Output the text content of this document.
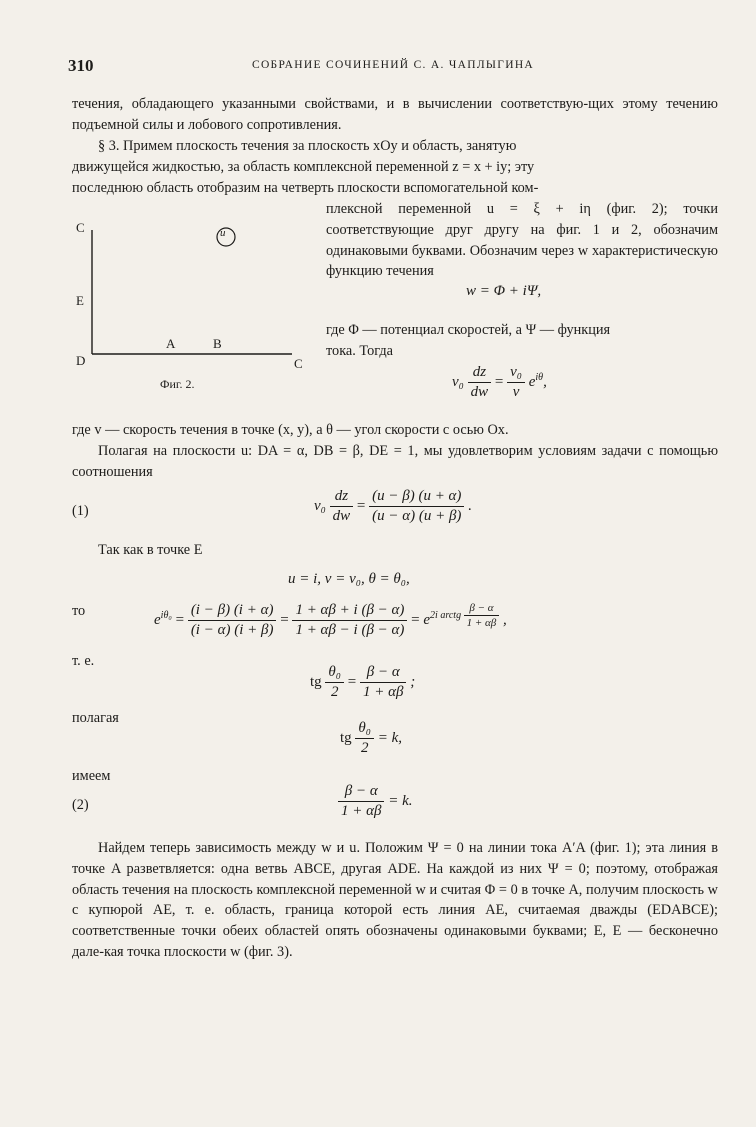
310	СОБРАНИЕ СОЧИНЕНИЙ С. А. ЧАПЛЫГИНА
течения, обладающего указанными свойствами, и в вычислении соответствую-щих этому течению подъемной силы и лобового сопротивления.
§ 3. Примем плоскость течения за плоскость xOy и область, занятую
движущейся жидкостью, за область комплексной переменной z = x + iy; эту
последнюю область отобразим на четверть плоскости вспомогательной ком-
плексной переменной u = ξ + iη (фиг. 2); точки соответствующие друг другу на фиг. 1 и 2, обозначим одинаковыми буквами. Обозначим через w характеристическую функцию течения
w = Φ + iΨ,
где Φ — потенциал скоростей, а Ψ — функция
тока. Тогда
$v_0 \frac{dz}{dw} = \frac{\text{v₀}}{v} e^{i\theta}$,
u
C
E
D
A	B
C
Фиг. 2.
где v — скорость течения в точке (x, y), а θ — угол скорости с осью Ox.
Полагая на плоскости u: DA = α, DB = β, DE = 1, мы удовлетворим условиям задачи с помощью соотношения
(1)	$v_0 \frac{dz}{dw} = \frac{(u - \beta) (u + \alpha)}{(u - \alpha) (u + \beta)}$ .
Так как в точке E
u = i, v = v₀, θ = θ₀,
то
$e^{i\theta_0} = \frac{(i - \beta) (i + \alpha)}{(i - \alpha) (i + \beta)} = \frac{1 + \alpha\beta + i (\beta - \alpha)}{1 + \alpha\beta - i (\beta - \alpha)} = e^{2i arctg \frac{\beta - \alpha}{1 + \alpha\beta}}$ ,
т. е.
tg $\frac{\text{θ₀}}{2} = \frac{\beta - \alpha}{1 + \alpha\beta}$ ;
полагая
tg $\frac{\text{θ₀}}{2} = k$,
имеем
(2)	$\frac{\beta - \alpha}{1 + \alpha\beta} = k$.
Найдем теперь зависимость между w и u. Положим Ψ = 0 на линии тока A′A (фиг. 1); эта линия в точке A разветвляется: одна ветвь ABCE, другая ADE. На каждой из них Ψ = 0; поэтому, отображая область течения на плоскость комплексной переменной w и считая Φ = 0 в точке A, получим плоскость w с купюрой AE, т. е. область, граница которой есть линия AE, считаемая дважды (EDABCE); соответственные точки обеих областей опять обозначены одинаковыми буквами; E, E — бесконечно дале-кая точка плоскости w (фиг. 3).
